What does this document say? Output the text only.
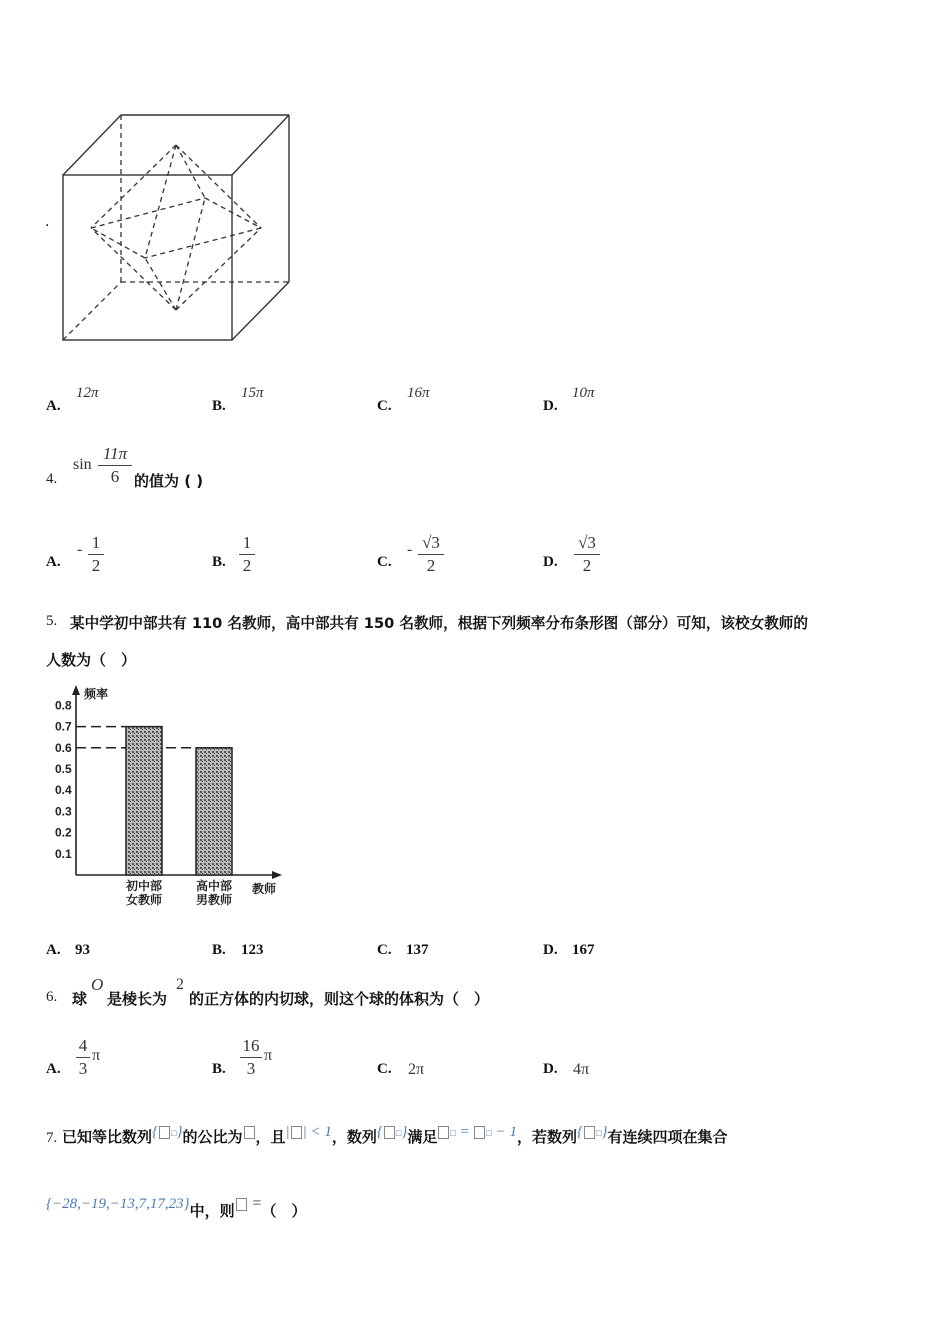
.
A.
12π
B.
15π
C.
16π
D.
10π
4.
sin
11π
6 的值为 ( )
A.
- 1
2	B.
1
2	C.
- √3
2	D.
√3
2
5. 某中学初中部共有 110 名教师，高中部共有 150 名教师，根据下列频率分布条形图（部分）可知，该校女教师的
人数为（　）
频率
教师
0.1
0.2
0.3
0.4
0.5
0.6
0.7
0.8
初中部
女教师
高中部
男教师
A. 93	B. 123	C. 137	D. 167
6. 球
O
是棱长为
2
的正方体的内切球，则这个球的体积为（　）
A.
4
3
π
B.
16
3
π
C. 2π	D. 4π
7. 已知等比数列{ □}的公比为 ，且| | < 1，数列{ □}满足 □ = □ − 1，若数列{ □}有连续四项在集合
{−28,−19,−13,7,17,23}中，则 =（　）
